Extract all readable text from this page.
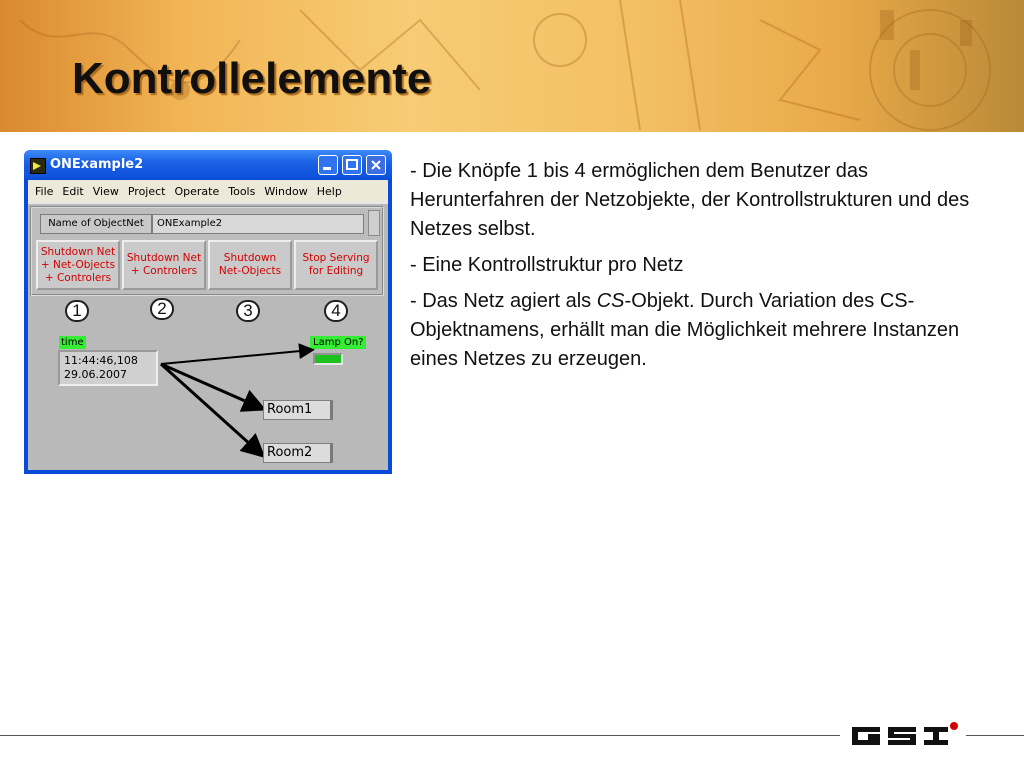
Kontrollelemente
ONExample2
File Edit View Project Operate Tools Window Help
Name of ObjectNet	ONExample2
Shutdown Net
+ Net-Objects
+ Controlers
Shutdown Net
+ Controlers
Shutdown
Net-Objects
Stop Serving
for Editing
1	2	3	4
time
11:44:46,108
29.06.2007
Lamp On?
Room1
Room2

- Die Knöpfe 1 bis 4 ermöglichen dem Benutzer das Herunterfahren der Netzobjekte, der Kontrollstrukturen und des Netzes selbst.

- Eine Kontrollstruktur pro Netz

- Das Netz agiert als CS-Objekt. Durch Variation des CS-Objektnamens, erhällt man die Möglichkeit mehrere Instanzen eines Netzes zu erzeugen.
